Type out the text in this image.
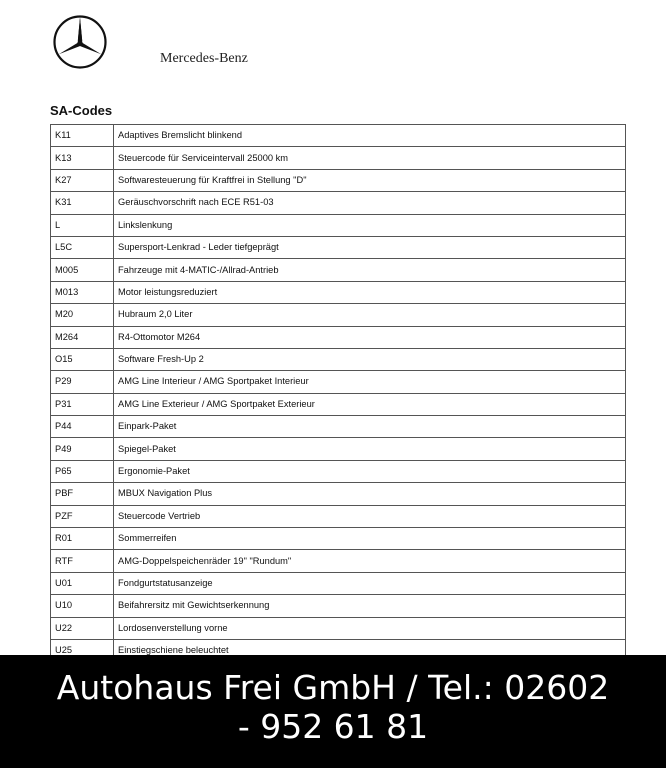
Mercedes-Benz
SA-Codes
K11	Adaptives Bremslicht blinkend
K13	Steuercode für Serviceintervall 25000 km
K27	Softwaresteuerung für Kraftfrei in Stellung "D"
K31	Geräuschvorschrift nach ECE R51-03
L	Linkslenkung
L5C	Supersport-Lenkrad - Leder tiefgeprägt
M005	Fahrzeuge mit 4-MATIC-/Allrad-Antrieb
M013	Motor leistungsreduziert
M20	Hubraum 2,0 Liter
M264	R4-Ottomotor M264
O15	Software Fresh-Up 2
P29	AMG Line Interieur / AMG Sportpaket Interieur
P31	AMG Line Exterieur / AMG Sportpaket Exterieur
P44	Einpark-Paket
P49	Spiegel-Paket
P65	Ergonomie-Paket
PBF	MBUX Navigation Plus
PZF	Steuercode Vertrieb
R01	Sommerreifen
RTF	AMG-Doppelspeichenräder 19" "Rundum"
U01	Fondgurtstatusanzeige
U10	Beifahrersitz mit Gewichtserkennung
U22	Lordosenverstellung vorne
U25	Einstiegschiene beleuchtet
Autohaus Frei GmbH / Tel.: 02602
- 952 61 81
